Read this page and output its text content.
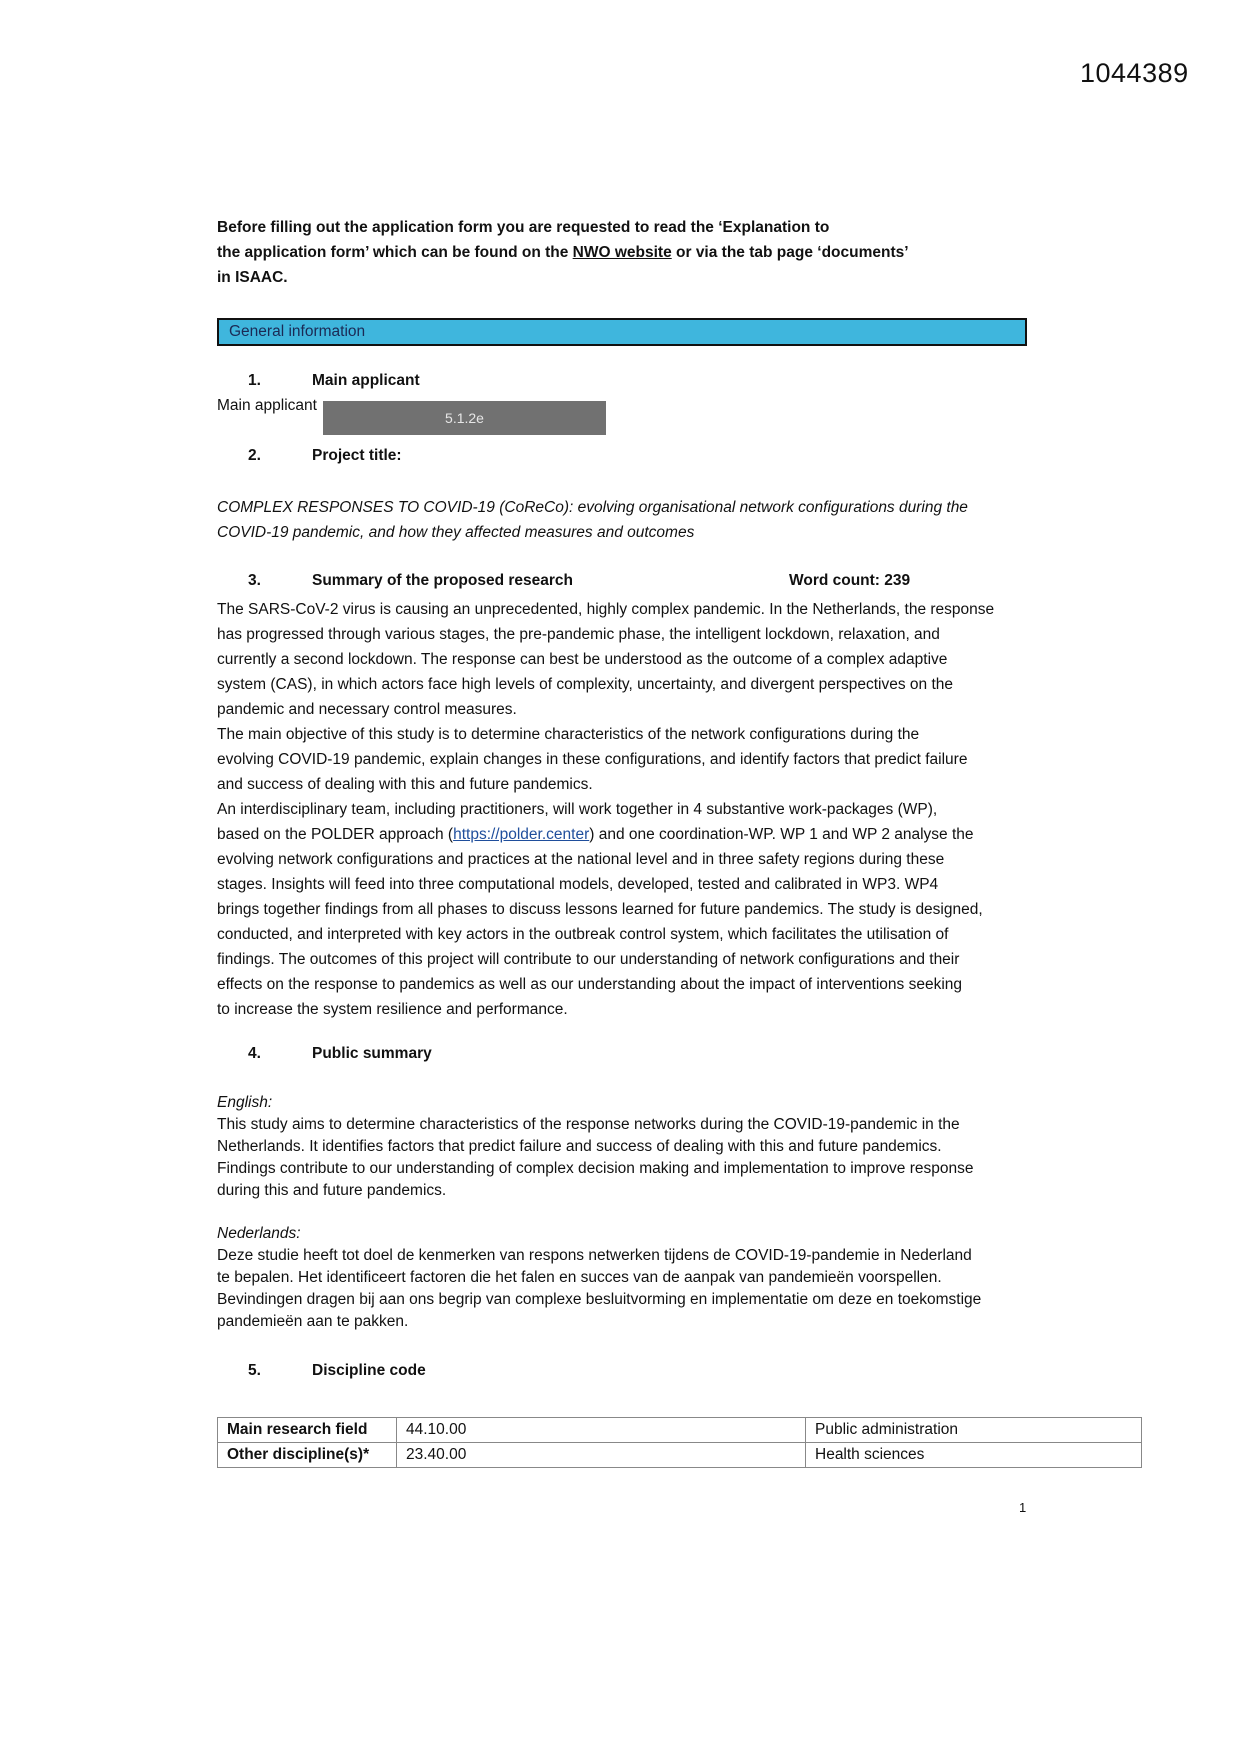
1044389
Before filling out the application form you are requested to read the ‘Explanation to
the application form’ which can be found on the NWO website or via the tab page ‘documents’
in ISAAC.
General information
1.	Main applicant
Main applicant
5.1.2e
2.	Project title:

COMPLEX RESPONSES TO COVID-19 (CoReCo): evolving organisational network configurations during the

COVID-19 pandemic, and how they affected measures and outcomes

3.	Summary of the proposed research	Word count: 239

The SARS-CoV-2 virus is causing an unprecedented, highly complex pandemic. In the Netherlands, the response

has progressed through various stages, the pre-pandemic phase, the intelligent lockdown, relaxation, and

currently a second lockdown. The response can best be understood as the outcome of a complex adaptive

system (CAS), in which actors face high levels of complexity, uncertainty, and divergent perspectives on the

pandemic and necessary control measures.

The main objective of this study is to determine characteristics of the network configurations during the

evolving COVID-19 pandemic, explain changes in these configurations, and identify factors that predict failure

and success of dealing with this and future pandemics.

An interdisciplinary team, including practitioners, will work together in 4 substantive work-packages (WP),

based on the POLDER approach (https://polder.center) and one coordination-WP. WP 1 and WP 2 analyse the

evolving network configurations and practices at the national level and in three safety regions during these

stages. Insights will feed into three computational models, developed, tested and calibrated in WP3. WP4

brings together findings from all phases to discuss lessons learned for future pandemics. The study is designed,

conducted, and interpreted with key actors in the outbreak control system, which facilitates the utilisation of

findings. The outcomes of this project will contribute to our understanding of network configurations and their

effects on the response to pandemics as well as our understanding about the impact of interventions seeking

to increase the system resilience and performance.

4.	Public summary
English:
This study aims to determine characteristics of the response networks during the COVID-19-pandemic in the
Netherlands. It identifies factors that predict failure and success of dealing with this and future pandemics.
Findings contribute to our understanding of complex decision making and implementation to improve response
during this and future pandemics.
Nederlands:
Deze studie heeft tot doel de kenmerken van respons netwerken tijdens de COVID-19-pandemie in Nederland
te bepalen. Het identificeert factoren die het falen en succes van de aanpak van pandemieën voorspellen.
Bevindingen dragen bij aan ons begrip van complexe besluitvorming en implementatie om deze en toekomstige
pandemieën aan te pakken.
5.	Discipline code
Main research field	44.10.00	Public administration
Other discipline(s)*	23.40.00	Health sciences
1
